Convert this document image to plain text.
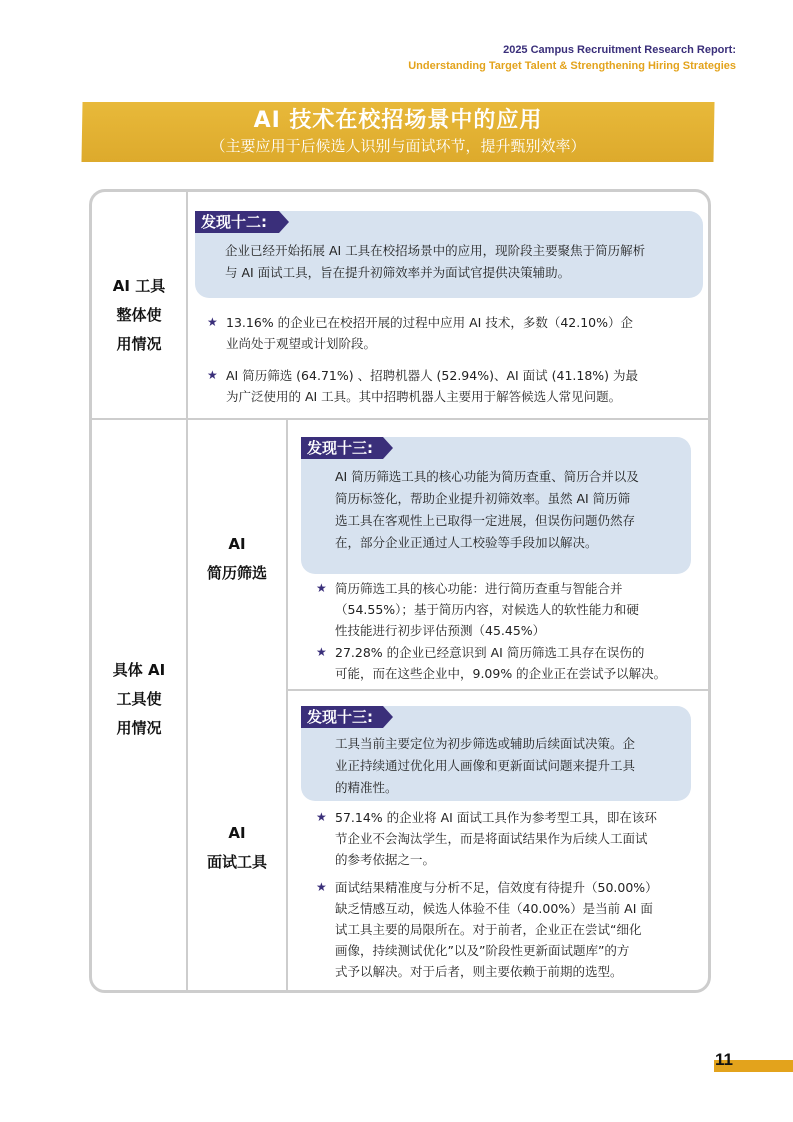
2025 Campus Recruitment Research Report:
Understanding Target Talent & Strengthening Hiring Strategies
AI 技术在校招场景中的应用
（主要应用于后候选人识别与面试环节，提升甄别效率）
AI 工具
整体使
用情况
发现十二:
企业已经开始拓展 AI 工具在校招场景中的应用，现阶段主要聚焦于简历解析
与 AI 面试工具，旨在提升初筛效率并为面试官提供决策辅助。
★ 13.16% 的企业已在校招开展的过程中应用 AI 技术，多数（42.10%）企
业尚处于观望或计划阶段。
★ AI 简历筛选 (64.71%) 、招聘机器人 (52.94%)、AI 面试 (41.18%) 为最
为广泛使用的 AI 工具。其中招聘机器人主要用于解答候选人常见问题。
具体 AI
工具使
用情况
AI
简历筛选
发现十三:
AI 简历筛选工具的核心功能为简历查重、简历合并以及
简历标签化，帮助企业提升初筛效率。虽然 AI 简历筛
选工具在客观性上已取得一定进展，但误伤问题仍然存
在，部分企业正通过人工校验等手段加以解决。
★ 简历筛选工具的核心功能：进行简历查重与智能合并
（54.55%）；基于简历内容，对候选人的软性能力和硬
性技能进行初步评估预测（45.45%）
★ 27.28% 的企业已经意识到 AI 简历筛选工具存在误伤的
可能，而在这些企业中，9.09% 的企业正在尝试予以解决。
AI
面试工具
发现十三:
工具当前主要定位为初步筛选或辅助后续面试决策。企
业正持续通过优化用人画像和更新面试问题来提升工具
的精准性。
★ 57.14% 的企业将 AI 面试工具作为参考型工具，即在该环
节企业不会淘汰学生，而是将面试结果作为后续人工面试
的参考依据之一。
★ 面试结果精准度与分析不足，信效度有待提升（50.00%）
缺乏情感互动，候选人体验不佳（40.00%）是当前 AI 面
试工具主要的局限所在。对于前者，企业正在尝试“细化
画像，持续测试优化”以及”阶段性更新面试题库”的方
式予以解决。对于后者，则主要依赖于前期的选型。
11
